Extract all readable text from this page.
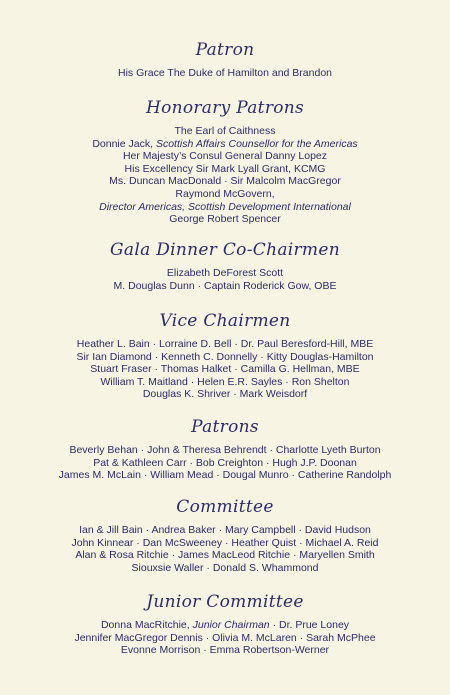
Patron
His Grace The Duke of Hamilton and Brandon
Honorary Patrons
The Earl of Caithness
Donnie Jack, Scottish Affairs Counsellor for the Americas
Her Majesty’s Consul General Danny Lopez
His Excellency Sir Mark Lyall Grant, KCMG
Ms. Duncan MacDonald · Sir Malcolm MacGregor
Raymond McGovern,
Director Americas, Scottish Development International
George Robert Spencer
Gala Dinner Co-Chairmen
Elizabeth DeForest Scott
M. Douglas Dunn · Captain Roderick Gow, OBE
Vice Chairmen
Heather L. Bain · Lorraine D. Bell · Dr. Paul Beresford-Hill, MBE
Sir Ian Diamond · Kenneth C. Donnelly · Kitty Douglas-Hamilton
Stuart Fraser · Thomas Halket · Camilla G. Hellman, MBE
William T. Maitland · Helen E.R. Sayles · Ron Shelton
Douglas K. Shriver · Mark Weisdorf
Patrons
Beverly Behan · John & Theresa Behrendt · Charlotte Lyeth Burton
Pat & Kathleen Carr · Bob Creighton · Hugh J.P. Doonan
James M. McLain · William Mead · Dougal Munro · Catherine Randolph
Committee
Ian & Jill Bain · Andrea Baker · Mary Campbell · David Hudson
John Kinnear · Dan McSweeney · Heather Quist · Michael A. Reid
Alan & Rosa Ritchie · James MacLeod Ritchie · Maryellen Smith
Siouxsie Waller · Donald S. Whammond
Junior Committee
Donna MacRitchie, Junior Chairman · Dr. Prue Loney
Jennifer MacGregor Dennis · Olivia M. McLaren · Sarah McPhee
Evonne Morrison · Emma Robertson-Werner
